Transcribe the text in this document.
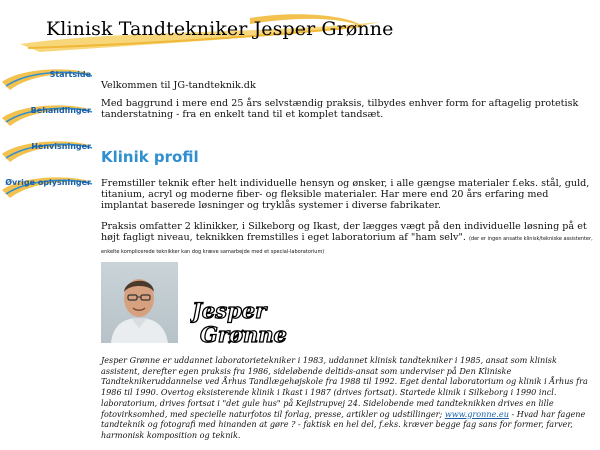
Klinisk Tandtekniker Jesper Grønne
Startside
Behandlinger
Henvisninger
Øvrige oplysninger

Velkommen til JG-tandteknik.dk

Med baggrund i mere end 25 års selvstændig praksis, tilbydes enhver form for aftagelig protetisk tanderstatning - fra en enkelt tand til et komplet tandsæt.

Klinik profil

Fremstiller teknik efter helt individuelle hensyn og ønsker, i alle gængse materialer f.eks. stål, guld, titanium, acryl og moderne fiber- og fleksible materialer. Har mere end 20 års erfaring med implantat baserede løsninger og tryklås systemer i diverse fabrikater.

Praksis omfatter 2 klinikker, i Silkeborg og Ikast, der lægges vægt på den individuelle løsning på et højt fagligt niveau, teknikken fremstilles i eget laboratorium af "ham selv". (der er ingen ansatte klinisk/tekniske assistenter, enkelte komplicerede teknikker kan dog kræve samarbejde med et special-laboratorium)

Jesper
Grønne

Jesper Grønne er uddannet laboratorietekniker i 1983, uddannet klinisk tandtekniker i 1985, ansat som klinisk assistent, derefter egen praksis fra 1986, sideløbende deltids-ansat som underviser på Den Kliniske Tandteknikeruddannelse ved Århus Tandlægehøjskole fra 1988 til 1992. Eget dental laboratorium og klinik i Århus fra 1986 til 1990. Overtog eksisterende klinik i Ikast i 1987 (drives fortsat). Startede klinik i Silkeborg i 1990 incl. laboratorium, drives fortsat i "det gule hus" på Kejlstrupvej 24. Sidelobende med tandteknikken drives en lille fotovirksomhed, med specielle naturfotos til forlag, presse, artikler og udstillinger; www.gronne.eu - Hvad har fagene tandteknik og fotografi med hinanden at gøre ? - faktisk en hel del, f.eks. kræver begge fag sans for former, farver, harmonisk komposition og teknik.
